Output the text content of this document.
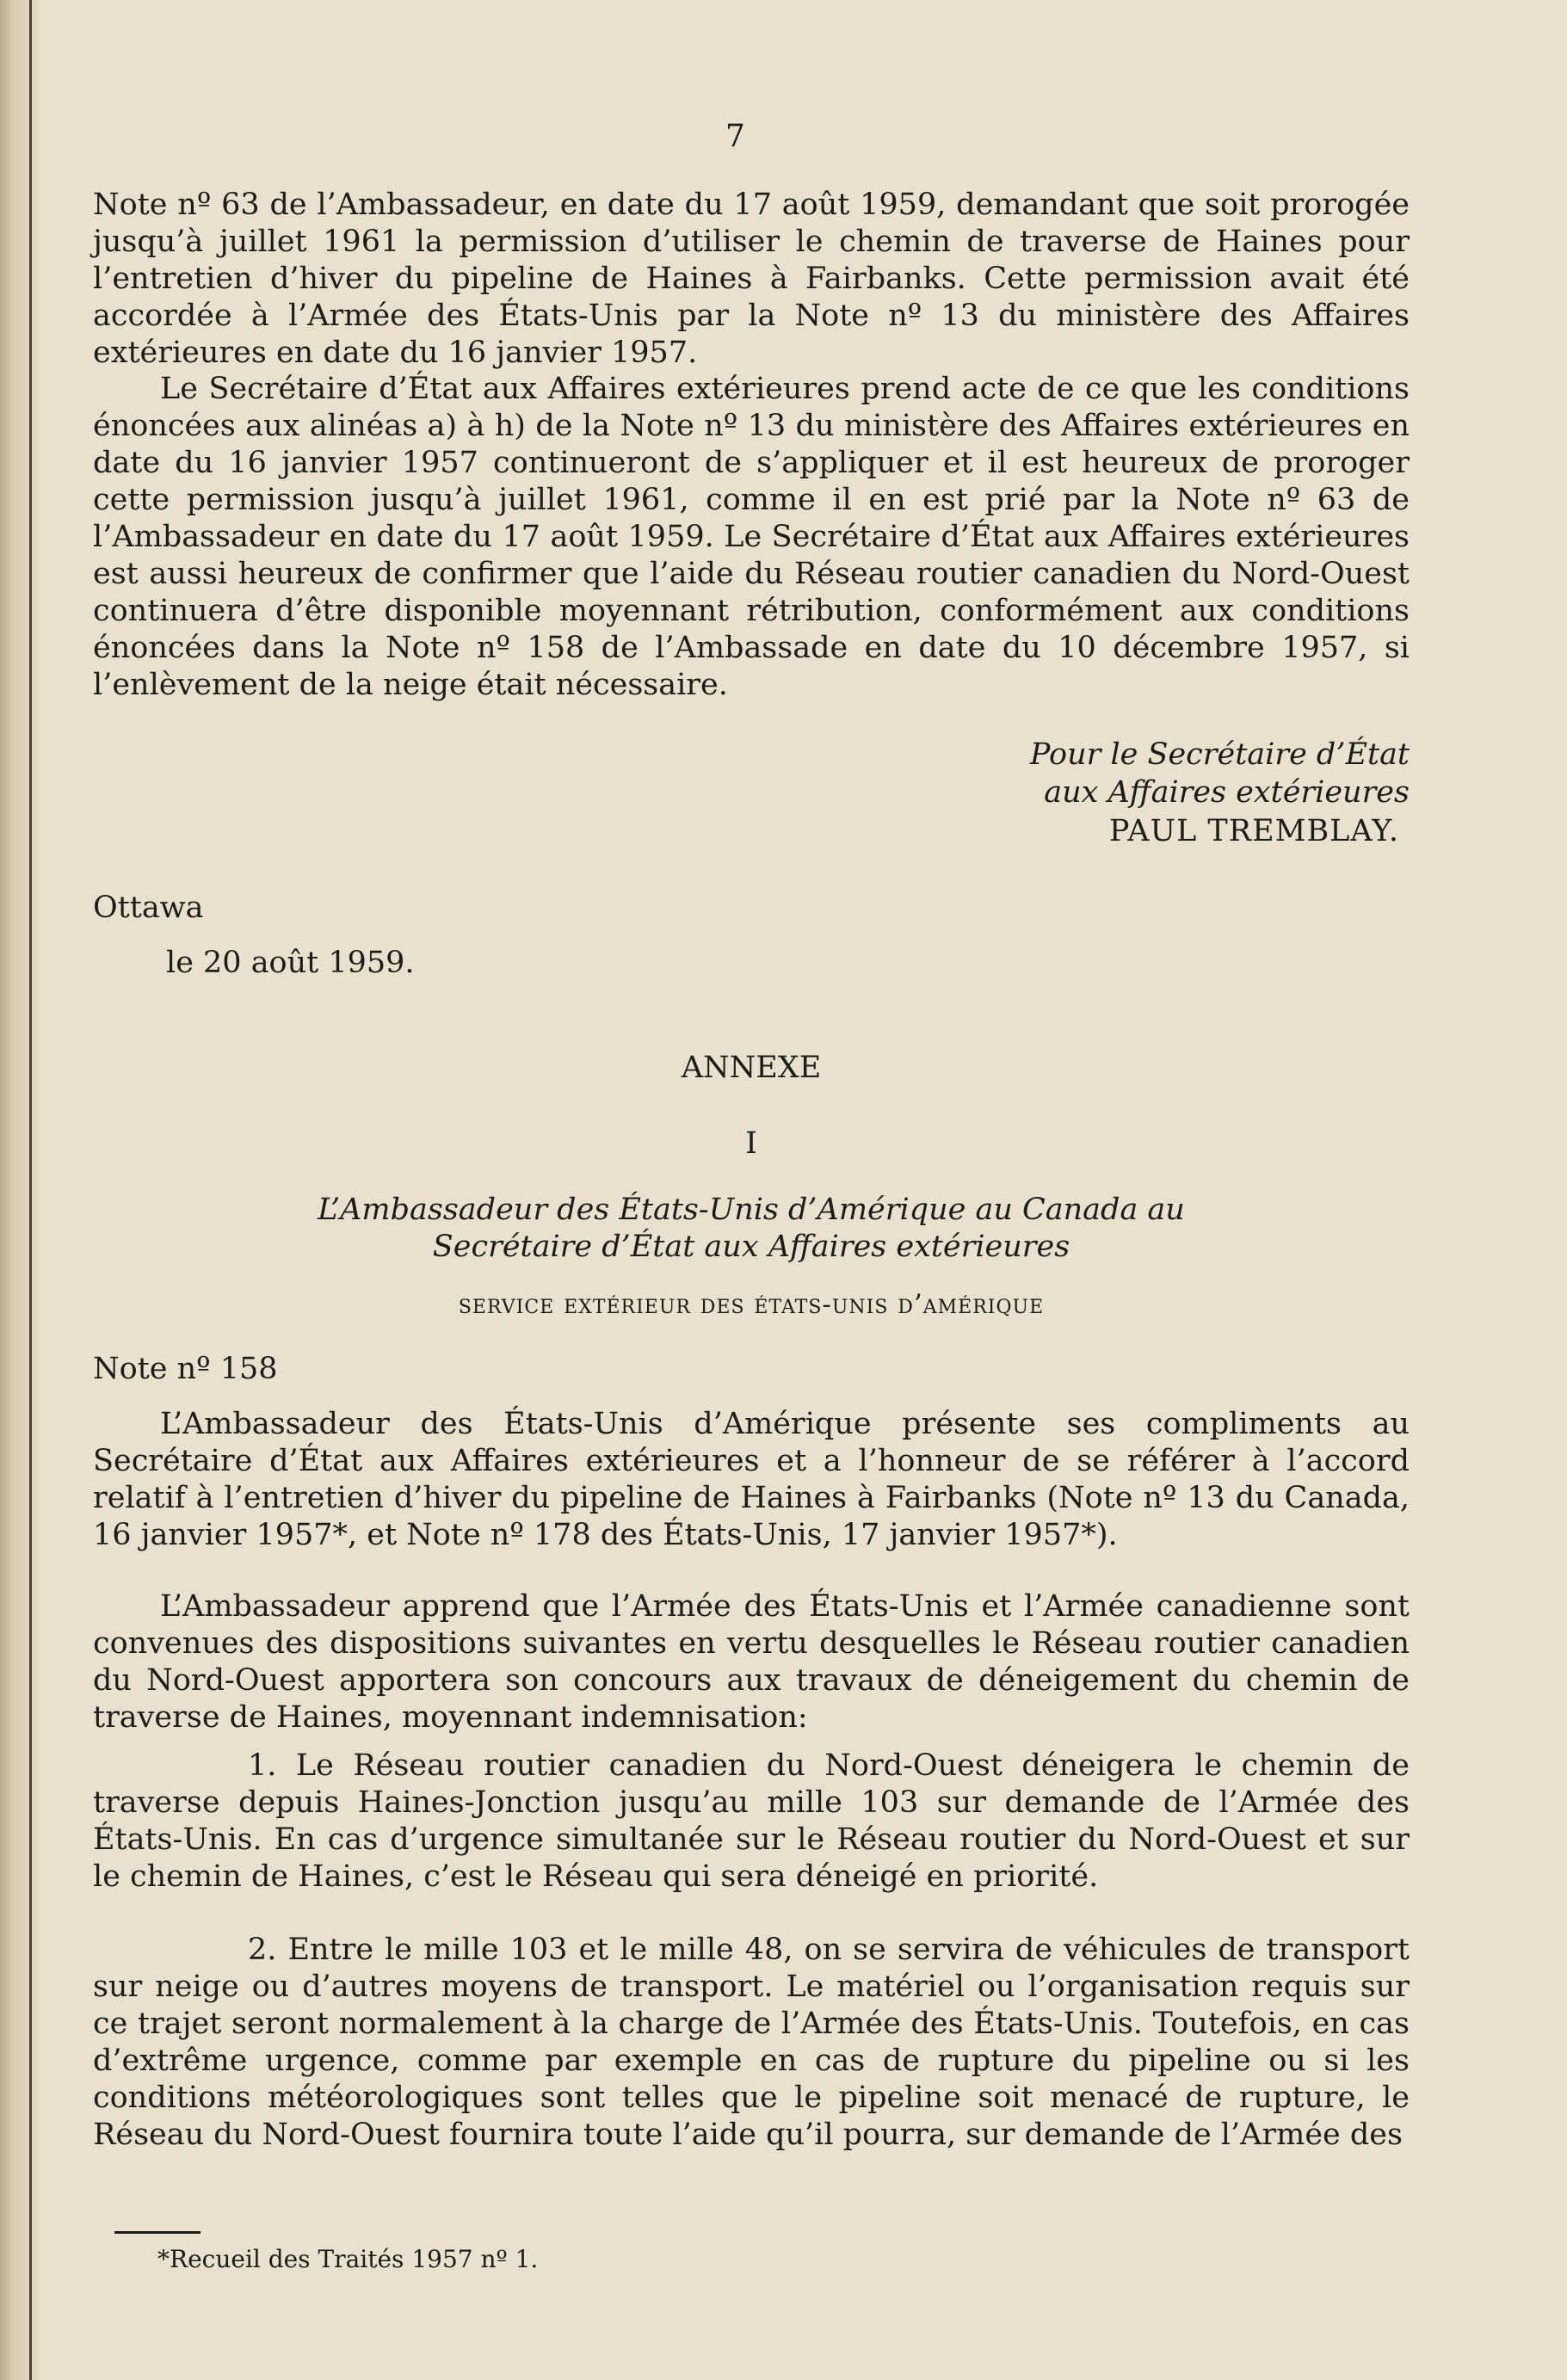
7
Note nº 63 de l’Ambassadeur, en date du 17 août 1959, demandant que soit prorogée jusqu’à juillet 1961 la permission d’utiliser le chemin de traverse de Haines pour l’entretien d’hiver du pipeline de Haines à Fairbanks. Cette permission avait été accordée à l’Armée des États-Unis par la Note nº 13 du ministère des Affaires extérieures en date du 16 janvier 1957.
Le Secrétaire d’État aux Affaires extérieures prend acte de ce que les conditions énoncées aux alinéas a) à h) de la Note nº 13 du ministère des Affaires extérieures en date du 16 janvier 1957 continueront de s’appliquer et il est heureux de proroger cette permission jusqu’à juillet 1961, comme il en est prié par la Note nº 63 de l’Ambassadeur en date du 17 août 1959. Le Secrétaire d’État aux Affaires extérieures est aussi heureux de confirmer que l’aide du Réseau routier canadien du Nord-Ouest continuera d’être disponible moyennant rétribution, conformément aux conditions énoncées dans la Note nº 158 de l’Ambassade en date du 10 décembre 1957, si l’enlèvement de la neige était nécessaire.
Pour le Secrétaire d’État
aux Affaires extérieures
PAUL TREMBLAY.
Ottawa
le 20 août 1959.
ANNEXE
I
L’Ambassadeur des États-Unis d’Amérique au Canada au
Secrétaire d’État aux Affaires extérieures
service extérieur des états-unis d’amérique
Note nº 158
L’Ambassadeur des États-Unis d’Amérique présente ses compliments au Secrétaire d’État aux Affaires extérieures et a l’honneur de se référer à l’accord relatif à l’entretien d’hiver du pipeline de Haines à Fairbanks (Note nº 13 du Canada, 16 janvier 1957*, et Note nº 178 des États-Unis, 17 janvier 1957*).
L’Ambassadeur apprend que l’Armée des États-Unis et l’Armée canadienne sont convenues des dispositions suivantes en vertu desquelles le Réseau routier canadien du Nord-Ouest apportera son concours aux travaux de déneigement du chemin de traverse de Haines, moyennant indemnisation:
1. Le Réseau routier canadien du Nord-Ouest déneigera le chemin de traverse depuis Haines-Jonction jusqu’au mille 103 sur demande de l’Armée des États-Unis. En cas d’urgence simultanée sur le Réseau routier du Nord-Ouest et sur le chemin de Haines, c’est le Réseau qui sera déneigé en priorité.
2. Entre le mille 103 et le mille 48, on se servira de véhicules de transport sur neige ou d’autres moyens de transport. Le matériel ou l’organisation requis sur ce trajet seront normalement à la charge de l’Armée des États-Unis. Toutefois, en cas d’extrême urgence, comme par exemple en cas de rupture du pipeline ou si les conditions météorologiques sont telles que le pipeline soit menacé de rupture, le Réseau du Nord-Ouest fournira toute l’aide qu’il pourra, sur demande de l’Armée des
*Recueil des Traités 1957 nº 1.
